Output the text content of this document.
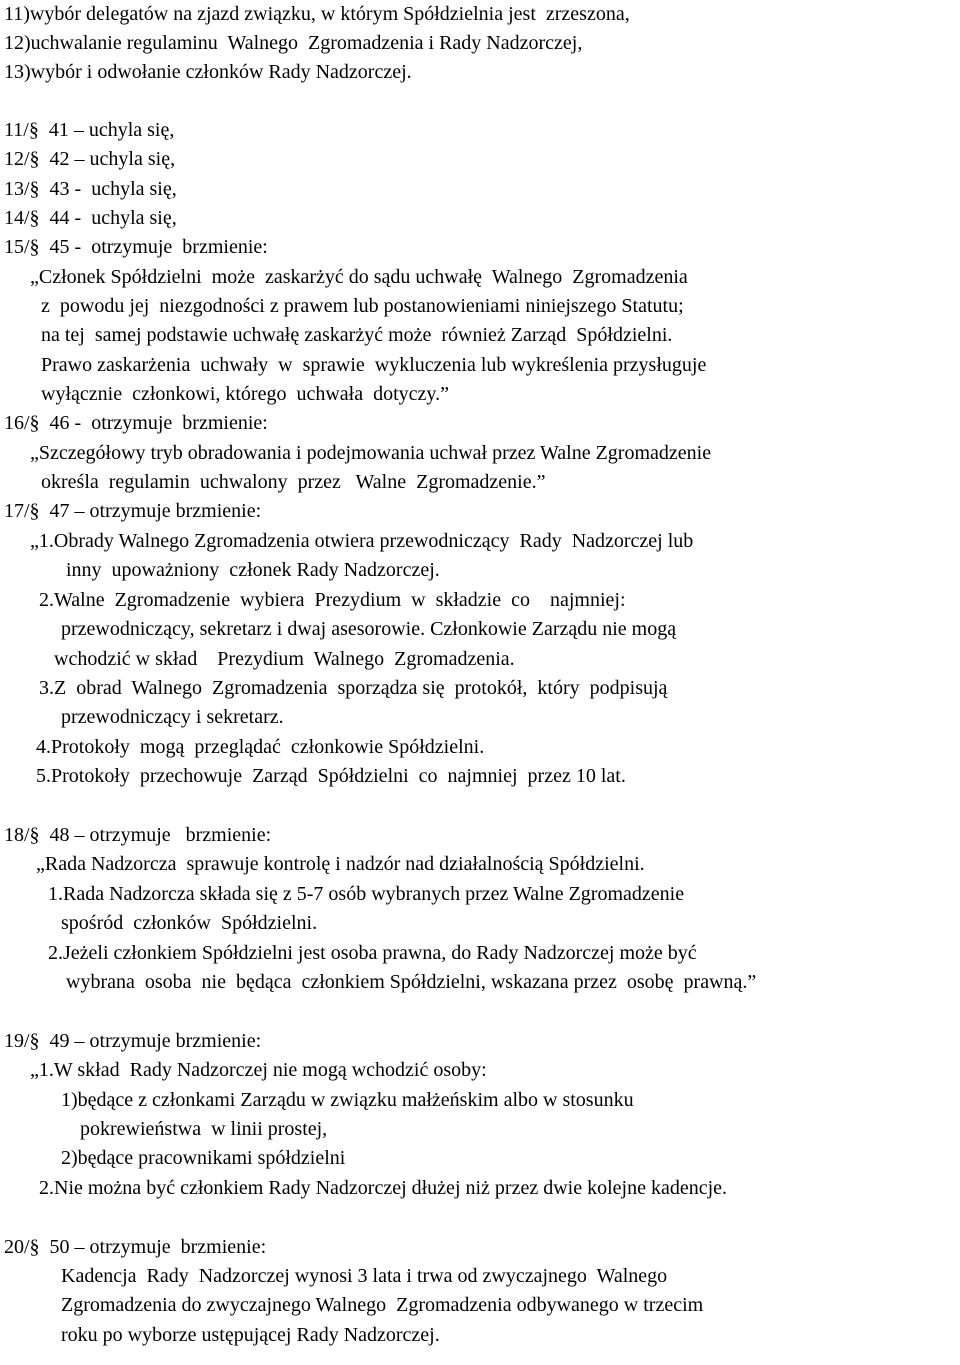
11)wybór delegatów na zjazd związku, w którym Spółdzielnia jest  zrzeszona,
12)uchwalanie regulaminu  Walnego  Zgromadzenia i Rady Nadzorczej,
13)wybór i odwołanie członków Rady Nadzorczej.
11/§  41 – uchyla się,
12/§  42 – uchyla się,
13/§  43 -  uchyla się,
14/§  44 -  uchyla się,
15/§  45 -  otrzymuje  brzmienie:
„Członek Spółdzielni  może  zaskarżyć do sądu uchwałę  Walnego  Zgromadzenia
z  powodu jej  niezgodności z prawem lub postanowieniami niniejszego Statutu;
na tej  samej podstawie uchwałę zaskarżyć może  również Zarząd  Spółdzielni.
Prawo zaskarżenia  uchwały  w  sprawie  wykluczenia lub wykreślenia przysługuje
wyłącznie  członkowi, którego  uchwała  dotyczy.”
16/§  46 -  otrzymuje  brzmienie:
„Szczegółowy tryb obradowania i podejmowania uchwał przez Walne Zgromadzenie
określa  regulamin  uchwalony  przez   Walne  Zgromadzenie.”
17/§  47 – otrzymuje brzmienie:
„1.Obrady Walnego Zgromadzenia otwiera przewodniczący  Rady  Nadzorczej lub
inny  upoważniony  członek Rady Nadzorczej.
2.Walne  Zgromadzenie  wybiera  Prezydium  w  składzie  co    najmniej:
przewodniczący, sekretarz i dwaj asesorowie. Członkowie Zarządu nie mogą
wchodzić w skład    Prezydium  Walnego  Zgromadzenia.
3.Z  obrad  Walnego  Zgromadzenia  sporządza się  protokół,  który  podpisują
przewodniczący i sekretarz.
4.Protokoły  mogą  przeglądać  członkowie Spółdzielni.
5.Protokoły  przechowuje  Zarząd  Spółdzielni  co  najmniej  przez 10 lat.
18/§  48 – otrzymuje   brzmienie:
„Rada Nadzorcza  sprawuje kontrolę i nadzór nad działalnością Spółdzielni.
1.Rada Nadzorcza składa się z 5-7 osób wybranych przez Walne Zgromadzenie
spośród  członków  Spółdzielni.
2.Jeżeli członkiem Spółdzielni jest osoba prawna, do Rady Nadzorczej może być
wybrana  osoba  nie  będąca  członkiem Spółdzielni, wskazana przez  osobę  prawną.”
19/§  49 – otrzymuje brzmienie:
„1.W skład  Rady Nadzorczej nie mogą wchodzić osoby:
1)będące z członkami Zarządu w związku małżeńskim albo w stosunku
pokrewieństwa  w linii prostej,
2)będące pracownikami spółdzielni
2.Nie można być członkiem Rady Nadzorczej dłużej niż przez dwie kolejne kadencje.
20/§  50 – otrzymuje  brzmienie:
Kadencja  Rady  Nadzorczej wynosi 3 lata i trwa od zwyczajnego  Walnego
Zgromadzenia do zwyczajnego Walnego  Zgromadzenia odbywanego w trzecim
roku po wyborze ustępującej Rady Nadzorczej.
